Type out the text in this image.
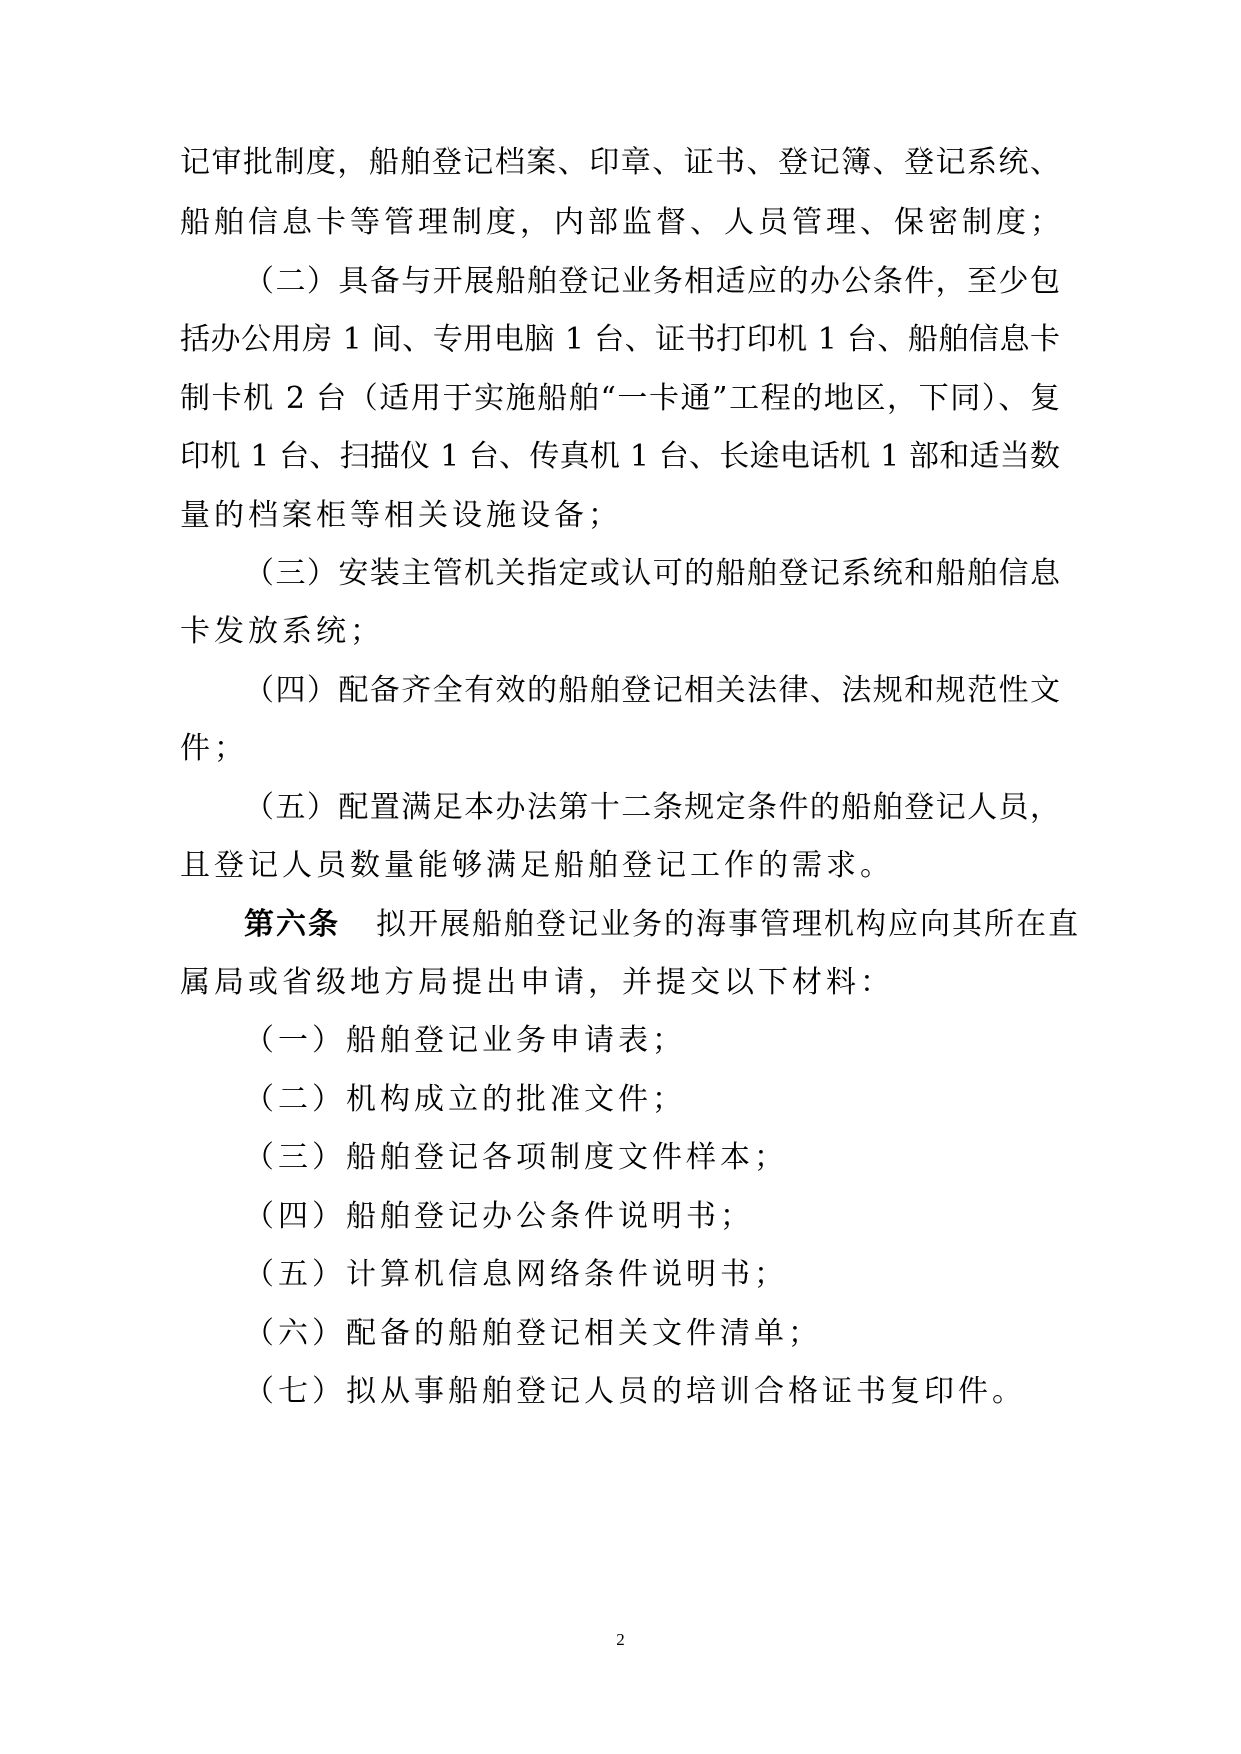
记审批制度，船舶登记档案、印章、证书、登记簿、登记系统、
船舶信息卡等管理制度，内部监督、人员管理、保密制度；
（二）具备与开展船舶登记业务相适应的办公条件，至少包
括办公用房 1 间、专用电脑 1 台、证书打印机 1 台、船舶信息卡
制卡机 2 台（适用于实施船舶“一卡通”工程的地区，下同）、复
印机 1 台、扫描仪 1 台、传真机 1 台、长途电话机 1 部和适当数
量的档案柜等相关设施设备；
（三）安装主管机关指定或认可的船舶登记系统和船舶信息
卡发放系统；
（四）配备齐全有效的船舶登记相关法律、法规和规范性文
件；
（五）配置满足本办法第十二条规定条件的船舶登记人员，
且登记人员数量能够满足船舶登记工作的需求。
第六条 拟开展船舶登记业务的海事管理机构应向其所在直
属局或省级地方局提出申请，并提交以下材料：
（一）船舶登记业务申请表；
（二）机构成立的批准文件；
（三）船舶登记各项制度文件样本；
（四）船舶登记办公条件说明书；
（五）计算机信息网络条件说明书；
（六）配备的船舶登记相关文件清单；
（七）拟从事船舶登记人员的培训合格证书复印件。
2
